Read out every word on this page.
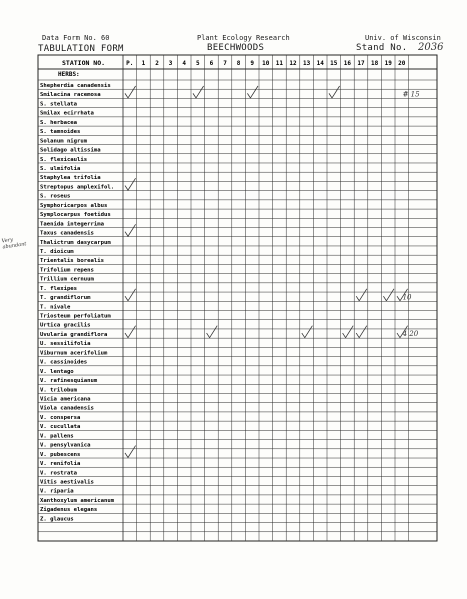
Data Form No. 60
TABULATION FORM
Plant Ecology Research
BEECHWOODS
Univ. of Wisconsin
Stand No. 2036
Very abundant
STATION NO.	P. 1 2 3 4 5 6 7 8 9 10 11 12 13 14 15 16 17 18 19 20
HERBS:
Shepherdia canadensis
Smilacina racemosa
S. stellata
Smilax ecirrhata
S. herbacea
S. tamnoides
Solanum nigrum
Solidago altissima
S. flexicaulis
S. ulmifolia
Staphylea trifolia
Streptopus amplexifol.
S. roseus
Symphoricarpos albus
Symplocarpus foetidus
Taenida integerrima
Taxus canadensis
Thalictrum dasycarpum
T. dioicum
Trientalis borealis
Trifolium repens
Trillium cernuum
T. flexipes
T. grandiflorum
T. nivale
Triosteum perfoliatum
Urtica gracilis
Uvularia grandiflora
U. sessilifolia
Viburnum acerifolium
V. cassinoides
V. lentago
V. rafinesquianum
V. trilobum
Vicia americana
Viola canadensis
V. conspersa
V. cucullata
V. pallens
V. pensylvanica
V. pubescens
V. renifolia
V. rostrata
Vitis aestivalis
V. riparia
Xanthoxylum americanum
Zigadenus elegans
Z. glaucus
# 15
10
4 20
